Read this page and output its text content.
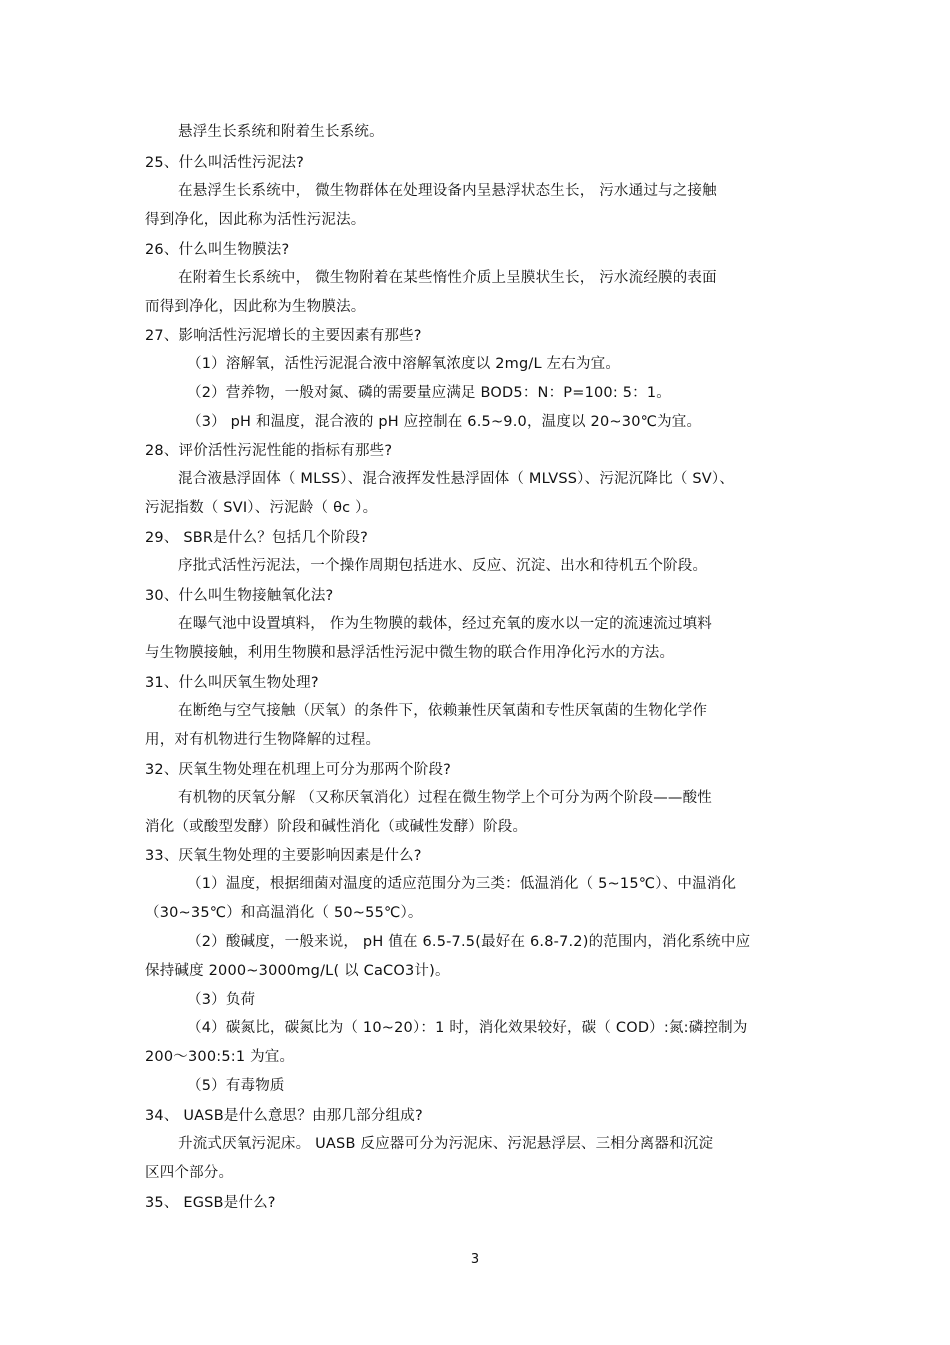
悬浮生长系统和附着生长系统。
25、什么叫活性污泥法?
在悬浮生长系统中， 微生物群体在处理设备内呈悬浮状态生长， 污水通过与之接触
得到净化，因此称为活性污泥法。
26、什么叫生物膜法?
在附着生长系统中， 微生物附着在某些惰性介质上呈膜状生长， 污水流经膜的表面
而得到净化，因此称为生物膜法。
27、影响活性污泥增长的主要因素有那些?
（1）溶解氧，活性污泥混合液中溶解氧浓度以 2mg/L 左右为宜。
（2）营养物，一般对氮、磷的需要量应满足 BOD5：N：P=100: 5：1。
（3） pH 和温度，混合液的 pH 应控制在 6.5~9.0，温度以 20~30℃为宜。
28、评价活性污泥性能的指标有那些?
混合液悬浮固体（ MLSS）、混合液挥发性悬浮固体（ MLVSS）、污泥沉降比（ SV）、
污泥指数（ SVI）、污泥龄（ θc ）。
29、 SBR是什么？包括几个阶段?
序批式活性污泥法，一个操作周期包括进水、反应、沉淀、出水和待机五个阶段。
30、什么叫生物接触氧化法?
在曝气池中设置填料， 作为生物膜的载体，经过充氧的废水以一定的流速流过填料
与生物膜接触，利用生物膜和悬浮活性污泥中微生物的联合作用净化污水的方法。
31、什么叫厌氧生物处理?
在断绝与空气接触（厌氧）的条件下，依赖兼性厌氧菌和专性厌氧菌的生物化学作
用，对有机物进行生物降解的过程。
32、厌氧生物处理在机理上可分为那两个阶段?
有机物的厌氧分解 （又称厌氧消化）过程在微生物学上个可分为两个阶段——酸性
消化（或酸型发酵）阶段和碱性消化（或碱性发酵）阶段。
33、厌氧生物处理的主要影响因素是什么?
（1）温度，根据细菌对温度的适应范围分为三类：低温消化（ 5~15℃）、中温消化
（30~35℃）和高温消化（ 50~55℃）。
（2）酸碱度，一般来说， pH 值在 6.5-7.5(最好在 6.8-7.2)的范围内，消化系统中应
保持碱度 2000~3000mg/L( 以 CaCO3计)。
（3）负荷
（4）碳氮比，碳氮比为（ 10~20）：1 时，消化效果较好，碳（ COD）:氮:磷控制为
200～300:5:1 为宜。
（5）有毒物质
34、 UASB是什么意思？由那几部分组成?
升流式厌氧污泥床。 UASB 反应器可分为污泥床、污泥悬浮层、三相分离器和沉淀
区四个部分。
35、 EGSB是什么?
3
